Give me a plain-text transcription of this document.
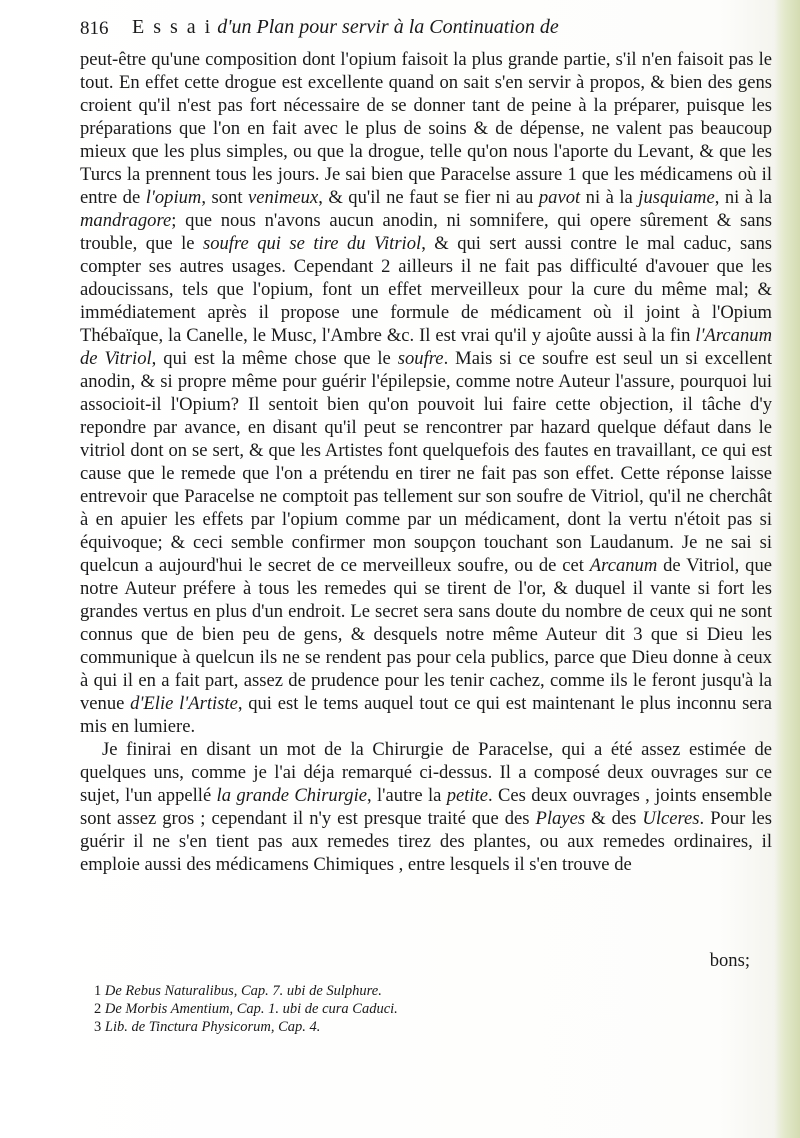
816 E s s a i d'un Plan pour servir à la Continuation de

peut-être qu'une composition dont l'opium faisoit la plus grande partie, s'il n'en faisoit pas le tout. En effet cette drogue est excellente quand on sait s'en servir à propos, & bien des gens croient qu'il n'est pas fort nécessaire de se donner tant de peine à la préparer, puisque les préparations que l'on en fait avec le plus de soins & de dépense, ne valent pas beaucoup mieux que les plus simples, ou que la drogue, telle qu'on nous l'aporte du Levant, & que les Turcs la prennent tous les jours. Je sai bien que Paracelse assure 1 que les médicamens où il entre de l'opium, sont venimeux, & qu'il ne faut se fier ni au pavot ni à la jusquiame, ni à la mandragore; que nous n'avons aucun anodin, ni somnifere, qui opere sûrement & sans trouble, que le soufre qui se tire du Vitriol, & qui sert aussi contre le mal caduc, sans compter ses autres usages. Cependant 2 ailleurs il ne fait pas difficulté d'avouer que les adoucissans, tels que l'opium, font un effet merveilleux pour la cure du même mal; & immédiatement après il propose une formule de médicament où il joint à l'Opium Thébaïque, la Canelle, le Musc, l'Ambre &c. Il est vrai qu'il y ajoûte aussi à la fin l'Arcanum de Vitriol, qui est la même chose que le soufre. Mais si ce soufre est seul un si excellent anodin, & si propre même pour guérir l'épilepsie, comme notre Auteur l'assure, pourquoi lui associoit-il l'Opium? Il sentoit bien qu'on pouvoit lui faire cette objection, il tâche d'y repondre par avance, en disant qu'il peut se rencontrer par hazard quelque défaut dans le vitriol dont on se sert, & que les Artistes font quelquefois des fautes en travaillant, ce qui est cause que le remede que l'on a prétendu en tirer ne fait pas son effet. Cette réponse laisse entrevoir que Paracelse ne comptoit pas tellement sur son soufre de Vitriol, qu'il ne cherchât à en apuier les effets par l'opium comme par un médicament, dont la vertu n'étoit pas si équivoque; & ceci semble confirmer mon soupçon touchant son Laudanum. Je ne sai si quelcun a aujourd'hui le secret de ce merveilleux soufre, ou de cet Arcanum de Vitriol, que notre Auteur préfere à tous les remedes qui se tirent de l'or, & duquel il vante si fort les grandes vertus en plus d'un endroit. Le secret sera sans doute du nombre de ceux qui ne sont connus que de bien peu de gens, & desquels notre même Auteur dit 3 que si Dieu les communique à quelcun ils ne se rendent pas pour cela publics, parce que Dieu donne à ceux à qui il en a fait part, assez de prudence pour les tenir cachez, comme ils le feront jusqu'à la venue d'Elie l'Artiste, qui est le tems auquel tout ce qui est maintenant le plus inconnu sera mis en lumiere.

Je finirai en disant un mot de la Chirurgie de Paracelse, qui a été assez estimée de quelques uns, comme je l'ai déja remarqué ci-dessus. Il a composé deux ouvrages sur ce sujet, l'un appellé la grande Chirurgie, l'autre la petite. Ces deux ouvrages , joints ensemble sont assez gros ; cependant il n'y est presque traité que des Playes & des Ulceres. Pour les guérir il ne s'en tient pas aux remedes tirez des plantes, ou aux remedes ordinaires, il emploie aussi des médicamens Chimiques , entre lesquels il s'en trouve de

bons;
1 De Rebus Naturalibus, Cap. 7. ubi de Sulphure.
2 De Morbis Amentium, Cap. 1. ubi de cura Caduci.
3 Lib. de Tinctura Physicorum, Cap. 4.
